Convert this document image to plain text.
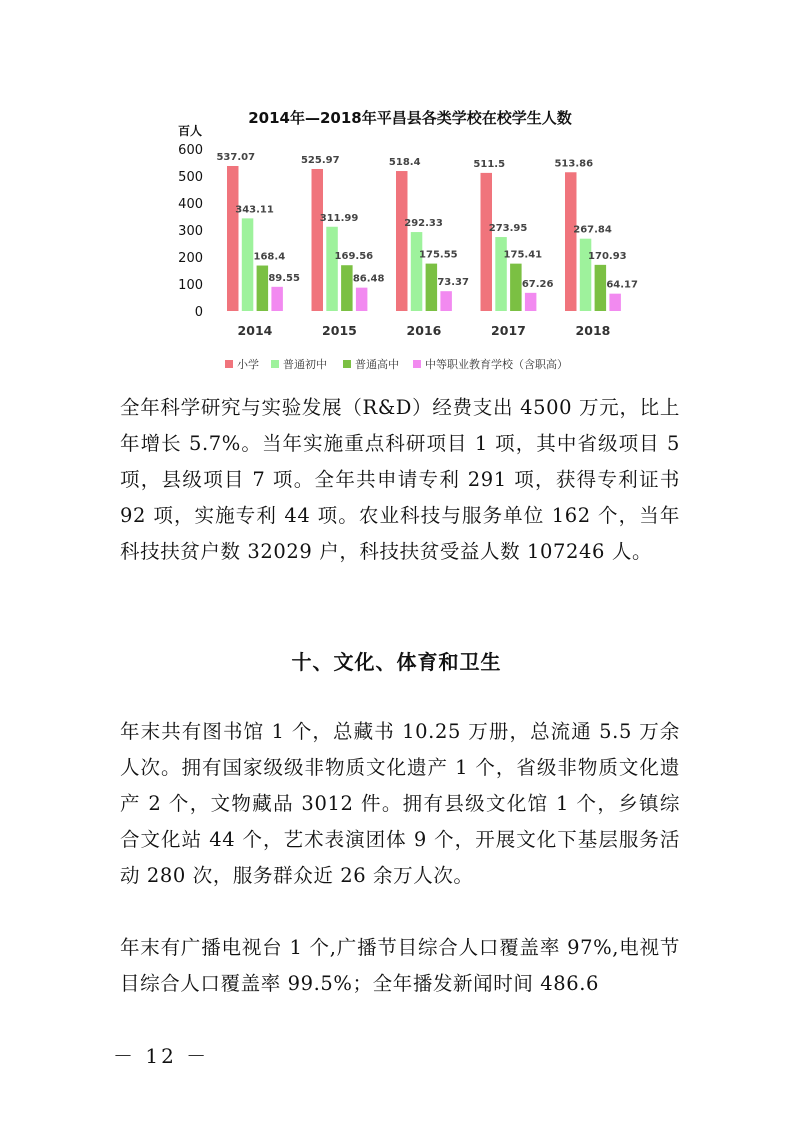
2014年—2018年平昌县各类学校在校学生人数
百人
600
500
400
300
200
100
0
537.07	525.97	518.4	511.5	513.86
343.11
311.99	292.33	273.95	267.84
168.4	169.56	175.55	175.41	170.93
89.55	86.48	73.37	67.26	64.17
2014	2015	2016	2017	2018
小学 普通初中	普通高中 中等职业教育学校（含职高）

全年科学研究与实验发展（R&D）经费支出 4500 万元，比上年增长 5.7%。当年实施重点科研项目 1 项，其中省级项目 5 项，县级项目 7 项。全年共申请专利 291 项，获得专利证书 92 项，实施专利 44 项。农业科技与服务单位 162 个，当年科技扶贫户数 32029 户，科技扶贫受益人数 107246 人。

十、文化、体育和卫生

年末共有图书馆 1 个，总藏书 10.25 万册，总流通 5.5 万余人次。拥有国家级级非物质文化遗产 1 个，省级非物质文化遗产 2 个，文物藏品 3012 件。拥有县级文化馆 1 个，乡镇综合文化站 44 个，艺术表演团体 9 个，开展文化下基层服务活动 280 次，服务群众近 26 余万人次。

年末有广播电视台 1 个,广播节目综合人口覆盖率 97%,电视节目综合人口覆盖率 99.5%；全年播发新闻时间 486.6

－ 12 －
